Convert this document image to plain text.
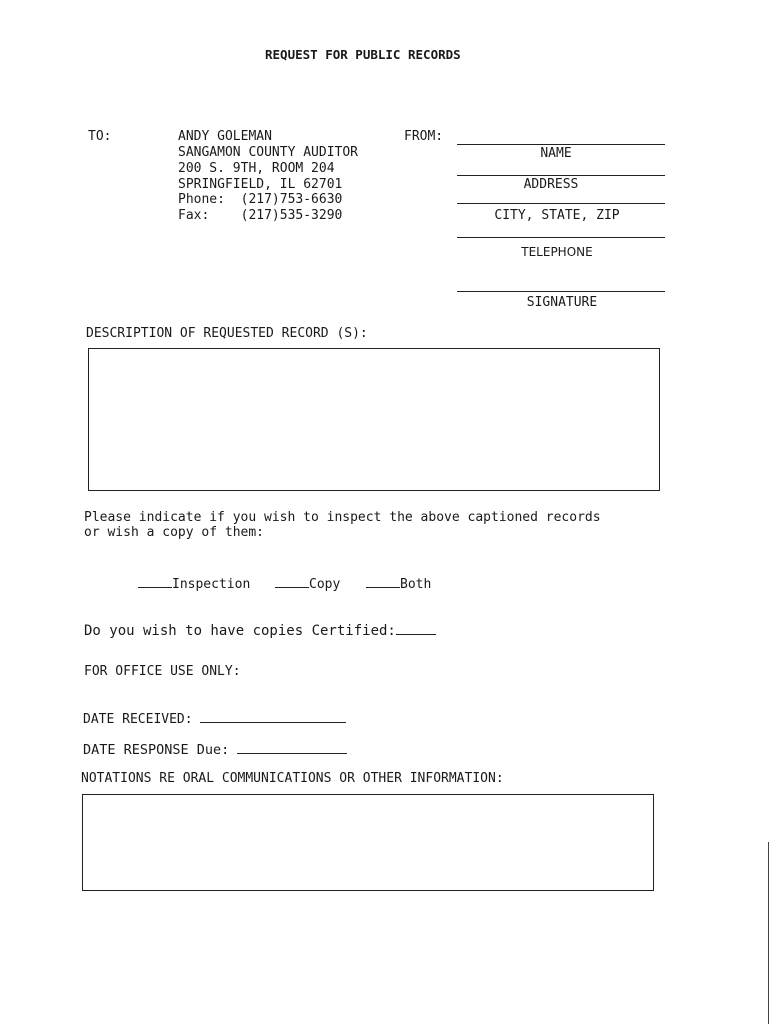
REQUEST FOR PUBLIC RECORDS
TO:	ANDY GOLEMAN
SANGAMON COUNTY AUDITOR
200 S. 9TH, ROOM 204
SPRINGFIELD, IL 62701
Phone:  (217)753-6630
Fax:    (217)535-3290
FROM:
NAME
ADDRESS
CITY, STATE, ZIP
TELEPHONE
SIGNATURE
DESCRIPTION OF REQUESTED RECORD (S):
Please indicate if you wish to inspect the above captioned records
or wish a copy of them:
Inspection	Copy	Both
Do you wish to have copies Certified:
FOR OFFICE USE ONLY:
DATE RECEIVED:
DATE RESPONSE Due:
NOTATIONS RE ORAL COMMUNICATIONS OR OTHER INFORMATION:
